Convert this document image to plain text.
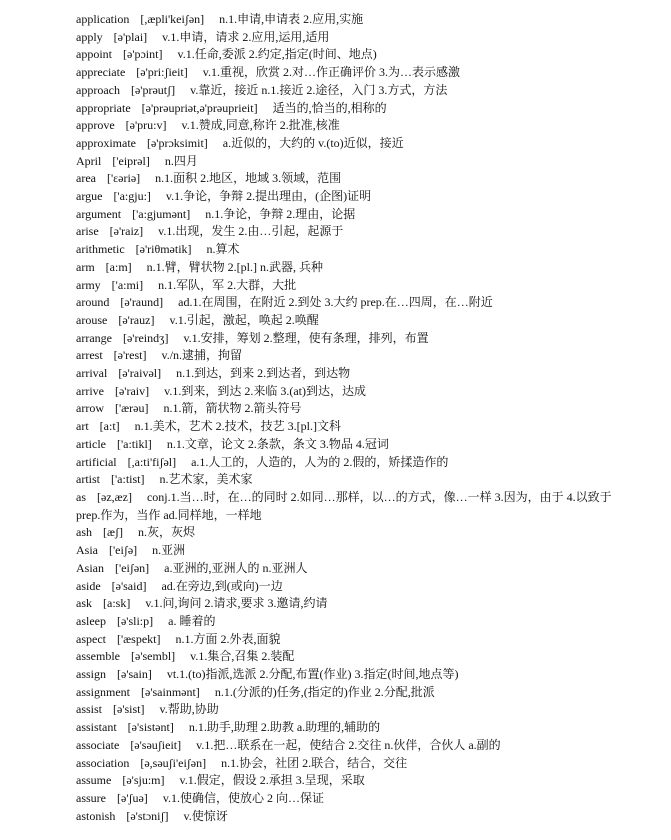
application [,æpli'keiʃən] n.1.申请,申请表 2.应用,实施
apply [ə'plai] v.1.申请，请求 2.应用,运用,适用
appoint [ə'pɔint] v.1.任命,委派 2.约定,指定(时间、地点)
appreciate [ə'pri:ʃieit] v.1.重视，欣赏 2.对…作正确评价 3.为…表示感激
approach [ə'prəutʃ] v.靠近，接近 n.1.接近 2.途径，入门 3.方式，方法
appropriate [ə'prəupriət,ə'prəuprieit] 适当的,恰当的,相称的
approve [ə'pru:v] v.1.赞成,同意,称许 2.批准,核准
approximate [ə'prɔksimit] a.近似的，大约的 v.(to)近似，接近
April ['eiprəl] n.四月
area ['εəriə] n.1.面积 2.地区，地域 3.领域，范围
argue ['a:gju:] v.1.争论，争辩 2.提出理由，(企图)证明
argument ['a:gjumənt] n.1.争论，争辩 2.理由，论据
arise [ə'raiz] v.1.出现，发生 2.由…引起，起源于
arithmetic [ə'riθmətik] n.算术
arm [a:m] n.1.臂，臂状物 2.[pl.] n.武器, 兵种
army ['a:mi] n.1.军队，军 2.大群，大批
around [ə'raund] ad.1.在周围，在附近 2.到处 3.大约 prep.在…四周，在…附近
arouse [ə'rauz] v.1.引起，激起，唤起 2.唤醒
arrange [ə'reindʒ] v.1.安排，筹划 2.整理，使有条理，排列，布置
arrest [ə'rest] v./n.逮捕，拘留
arrival [ə'raivəl] n.1.到达，到来 2.到达者，到达物
arrive [ə'raiv] v.1.到来，到达 2.来临 3.(at)到达，达成
arrow ['ærəu] n.1.箭，箭状物 2.箭头符号
art [a:t] n.1.美术，艺术 2.技术，技艺 3.[pl.]文科
article ['a:tikl] n.1.文章，论文 2.条款，条文 3.物品 4.冠词
artificial [,a:ti'fiʃəl] a.1.人工的，人造的，人为的 2.假的，矫揉造作的
artist ['a:tist] n.艺术家，美术家
as [əz,æz] conj.1.当…时，在…的同时 2.如同…那样，以…的方式，像…一样 3.因为，由于 4.以致于 prep.作为，当作 ad.同样地，一样地
ash [æʃ] n.灰，灰烬
Asia ['eiʃə] n.亚洲
Asian ['eiʃən] a.亚洲的,亚洲人的 n.亚洲人
aside [ə'said] ad.在旁边,到(或向)一边
ask [a:sk] v.1.问,询问 2.请求,要求 3.邀请,约请
asleep [ə'sli:p] a. 睡着的
aspect ['æspekt] n.1.方面 2.外表,面貌
assemble [ə'sembl] v.1.集合,召集 2.装配
assign [ə'sain] vt.1.(to)指派,选派 2.分配,布置(作业) 3.指定(时间,地点等)
assignment [ə'sainmənt] n.1.(分派的)任务,(指定的)作业 2.分配,批派
assist [ə'sist] v.帮助,协助
assistant [ə'sistənt] n.1.助手,助理 2.助教 a.助理的,辅助的
associate [ə'səuʃieit] v.1.把…联系在一起，使结合 2.交往 n.伙伴，合伙人 a.副的
association [ə,səuʃi'eiʃən] n.1.协会，社团 2.联合，结合，交往
assume [ə'sju:m] v.1.假定，假设 2.承担 3.呈现，采取
assure [ə'ʃuə] v.1.使确信，使放心 2 向…保证
astonish [ə'stɔniʃ] v.使惊讶
